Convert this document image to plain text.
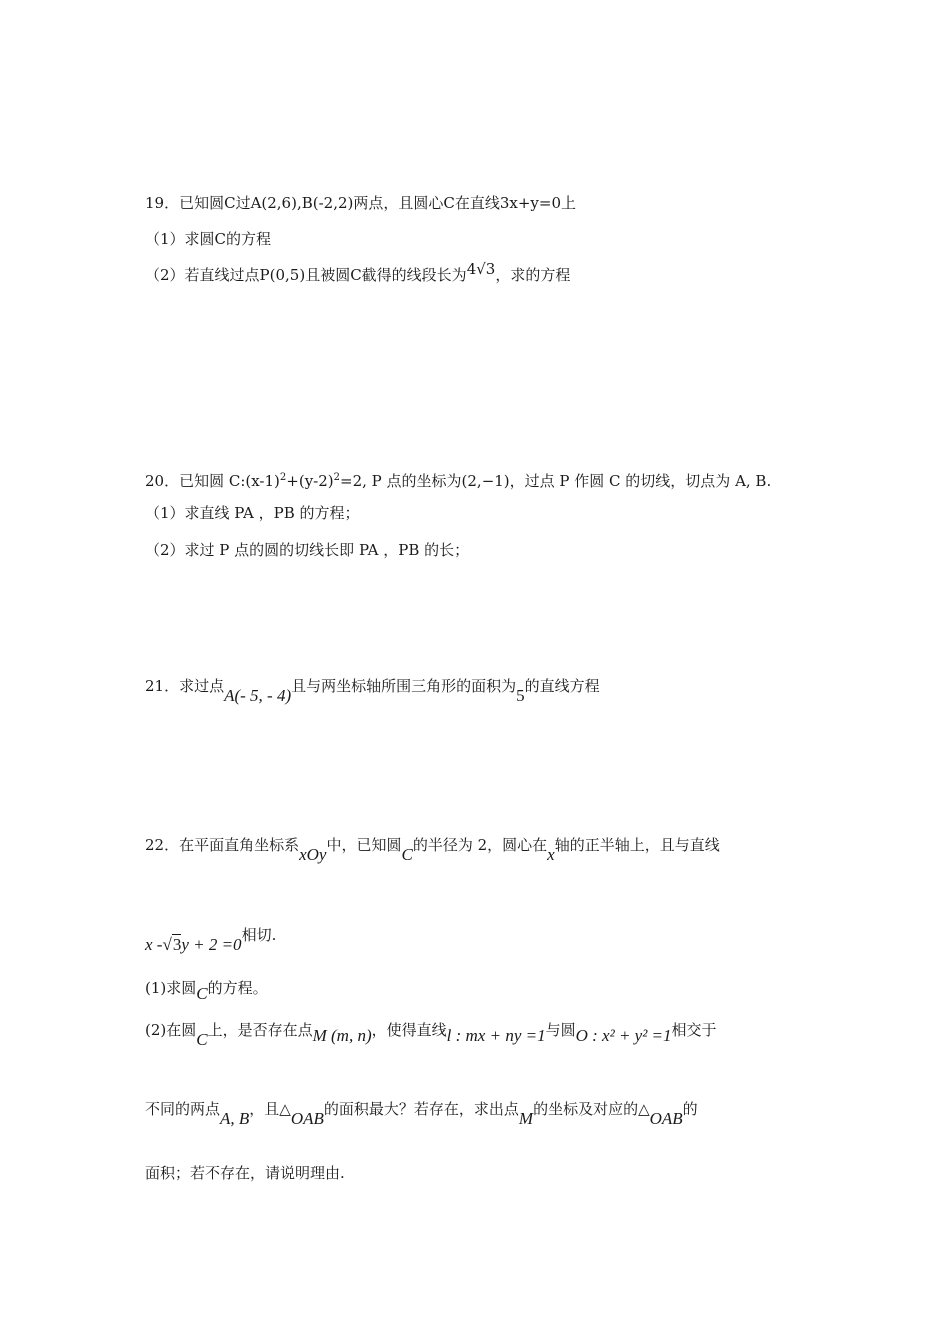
19．已知圆C过A(2,6),B(-2,2)两点，且圆心C在直线3x+y=0上
（1）求圆C的方程
（2）若直线过点P(0,5)且被圆C截得的线段长为4√3，求的方程
20．已知圆 $C:(x-1)^2+(y-2)^2=2$, P 点的坐标为(2,−1)，过点 P 作圆 C 的切线，切点为 A, B.
（1）求直线 PA ，PB 的方程；
（2）求过 P 点的圆的切线长即 PA ，PB 的长；
21．求过点A(- 5, - 4)且与两坐标轴所围三角形的面积为5的直线方程
22．在平面直角坐标系xOy中，已知圆C的半径为 2，圆心在x轴的正半轴上，且与直线
x -√3y + 2 =0相切.
(1)求圆C的方程。
(2)在圆C上，是否存在点M (m, n)，使得直线l : mx + ny =1与圆O : x² + y² =1相交于
不同的两点A, B，且△OAB的面积最大？若存在，求出点M的坐标及对应的△OAB的
面积；若不存在，请说明理由.
